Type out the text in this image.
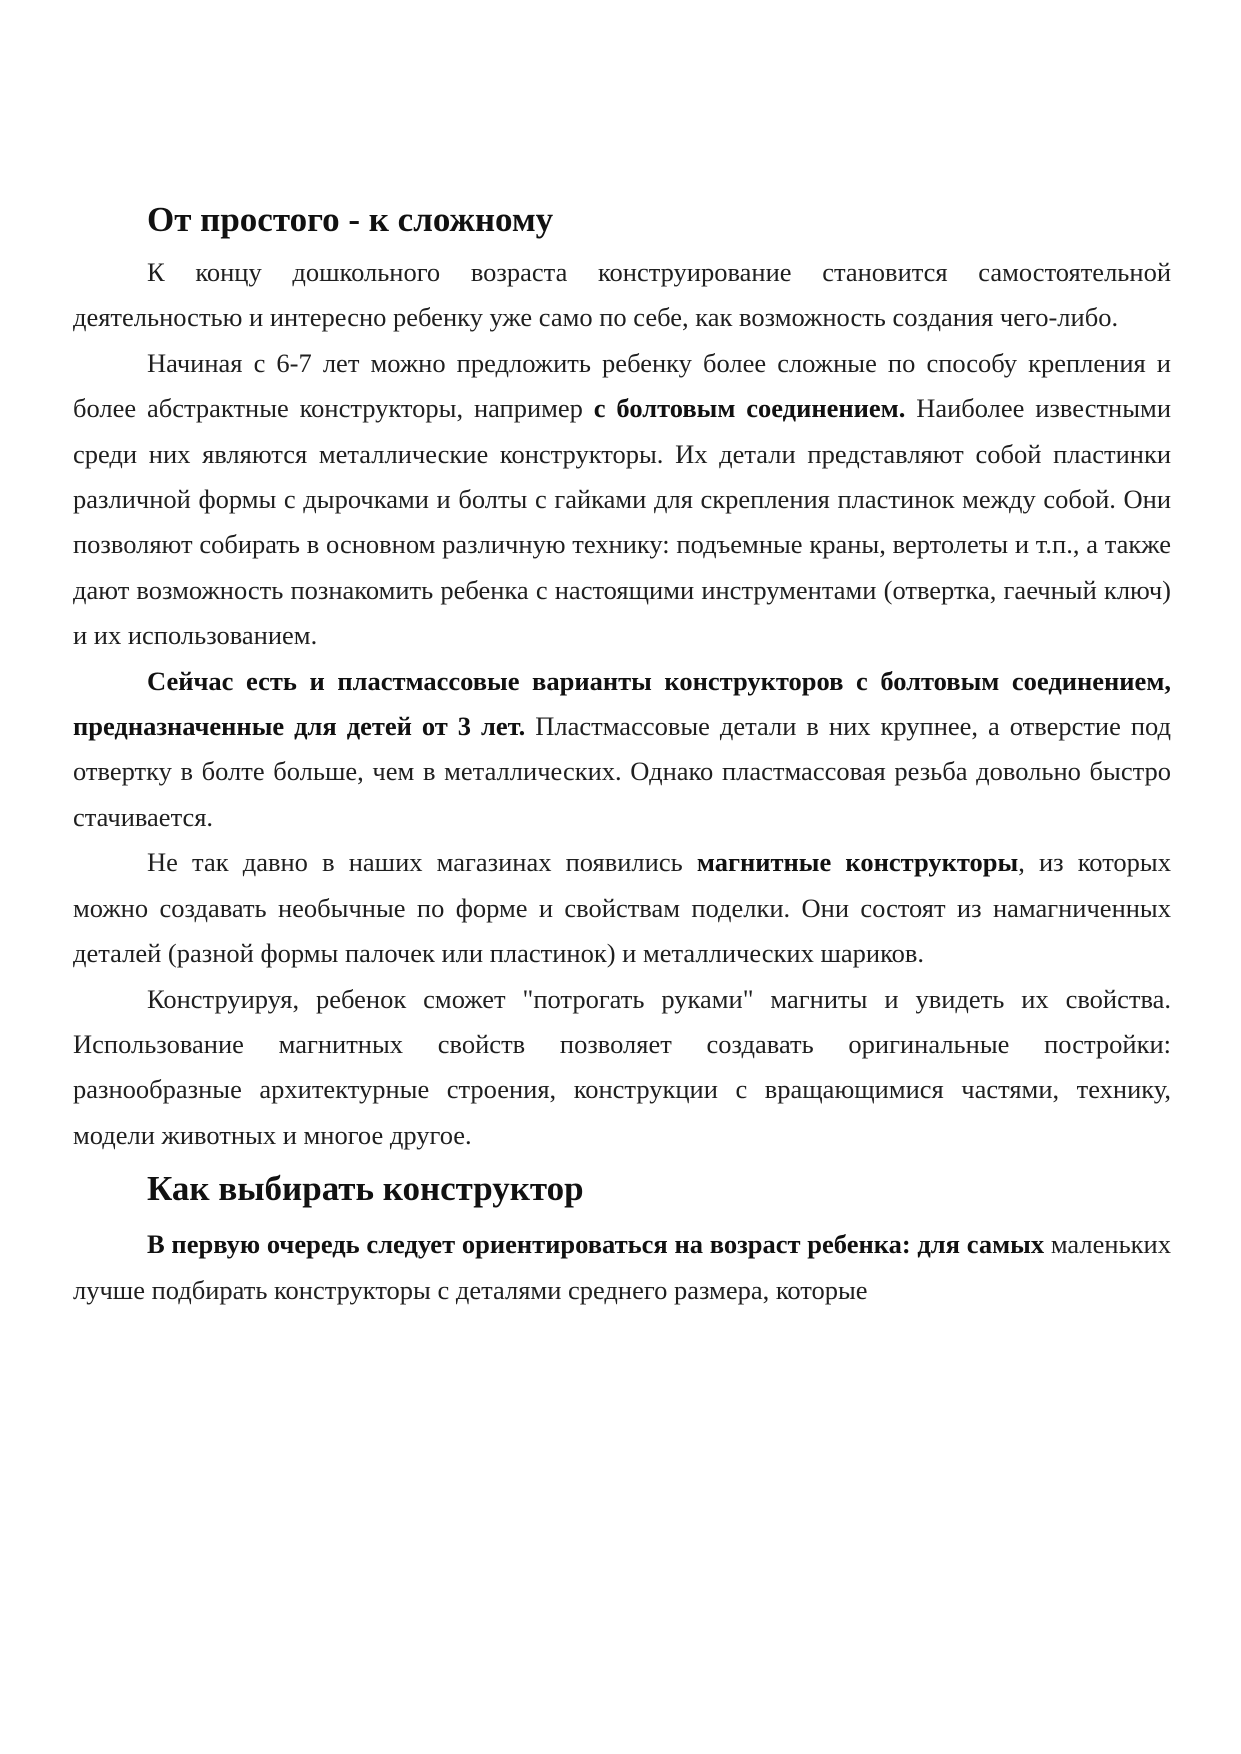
От простого - к сложному

К концу дошкольного возраста конструирование становится самостоятельной деятельностью и интересно ребенку уже само по себе, как возможность создания чего-либо.

Начиная с 6-7 лет можно предложить ребенку более сложные по способу крепления и более абстрактные конструкторы, например с болтовым соединением. Наиболее известными среди них являются металлические конструкторы. Их детали представляют собой пластинки различной формы с дырочками и болты с гайками для скрепления пластинок между собой. Они позволяют собирать в основном различную технику: подъемные краны, вертолеты и т.п., а также дают возможность познакомить ребенка с настоящими инструментами (отвертка, гаечный ключ) и их использованием.

Сейчас есть и пластмассовые варианты конструкторов с болтовым соединением, предназначенные для детей от 3 лет. Пластмассовые детали в них крупнее, а отверстие под отвертку в болте больше, чем в металлических. Однако пластмассовая резьба довольно быстро стачивается.

Не так давно в наших магазинах появились магнитные конструкторы, из которых можно создавать необычные по форме и свойствам поделки. Они состоят из намагниченных деталей (разной формы палочек или пластинок) и металлических шариков.

Конструируя, ребенок сможет "потрогать руками" магниты и увидеть их свойства. Использование магнитных свойств позволяет создавать оригинальные постройки: разнообразные архитектурные строения, конструкции с вращающимися частями, технику, модели животных и многое другое.

Как выбирать конструктор

В первую очередь следует ориентироваться на возраст ребенка: для самых маленьких лучше подбирать конструкторы с деталями среднего размера, которые
